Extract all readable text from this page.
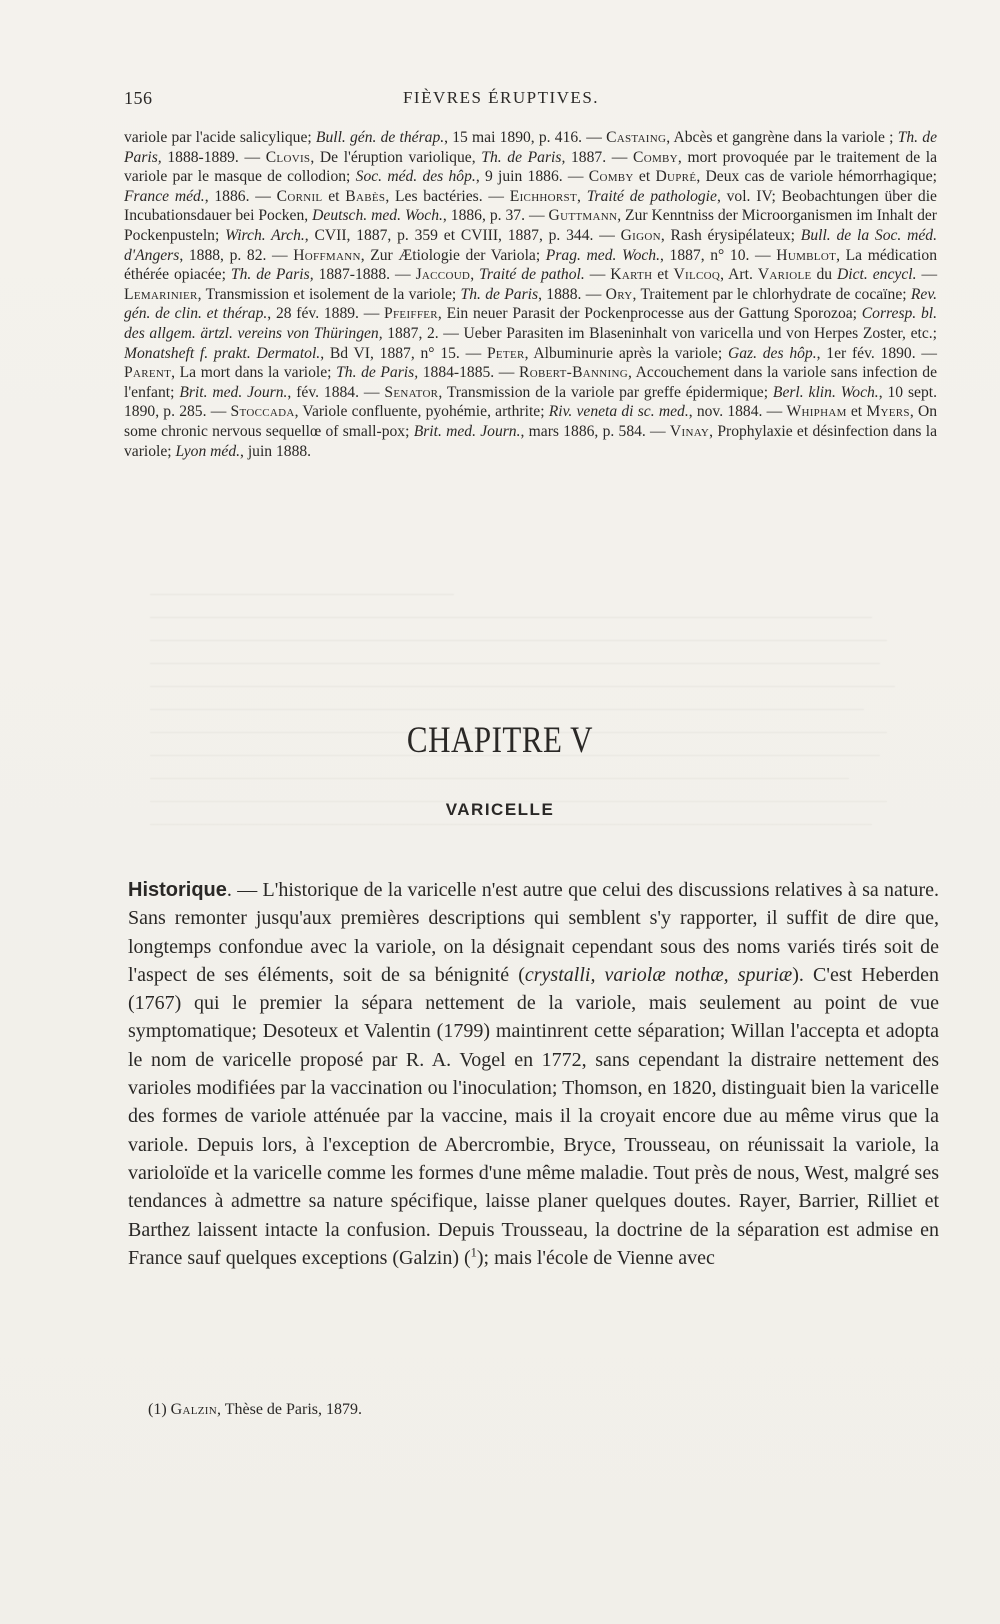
156	FIÈVRES ÉRUPTIVES.
variole par l'acide salicylique; Bull. gén. de thérap., 15 mai 1890, p. 416. — Castaing, Abcès et gangrène dans la variole ; Th. de Paris, 1888-1889. — Clovis, De l'éruption variolique, Th. de Paris, 1887. — Comby, mort provoquée par le traitement de la variole par le masque de collodion; Soc. méd. des hôp., 9 juin 1886. — Comby et Dupré, Deux cas de variole hémorrhagique; France méd., 1886. — Cornil et Babès, Les bactéries. — Eichhorst, Traité de pathologie, vol. IV; Beobachtungen über die Incubationsdauer bei Pocken, Deutsch. med. Woch., 1886, p. 37. — Guttmann, Zur Kenntniss der Microorganismen im Inhalt der Pockenpusteln; Wirch. Arch., CVII, 1887, p. 359 et CVIII, 1887, p. 344. — Gigon, Rash érysipélateux; Bull. de la Soc. méd. d'Angers, 1888, p. 82. — Hoffmann, Zur Ætiologie der Variola; Prag. med. Woch., 1887, n° 10. — Humblot, La médication éthérée opiacée; Th. de Paris, 1887-1888. — Jaccoud, Traité de pathol. — Karth et Vilcoq, Art. Variole du Dict. encycl. — Lemarinier, Transmission et isolement de la variole; Th. de Paris, 1888. — Ory, Traitement par le chlorhydrate de cocaïne; Rev. gén. de clin. et thérap., 28 fév. 1889. — Pfeiffer, Ein neuer Parasit der Pockenprocesse aus der Gattung Sporozoa; Corresp. bl. des allgem. ärtzl. vereins von Thüringen, 1887, 2. — Ueber Parasiten im Blaseninhalt von varicella und von Herpes Zoster, etc.; Monatsheft f. prakt. Dermatol., Bd VI, 1887, n° 15. — Peter, Albuminurie après la variole; Gaz. des hôp., 1er fév. 1890. — Parent, La mort dans la variole; Th. de Paris, 1884-1885. — Robert-Banning, Accouchement dans la variole sans infection de l'enfant; Brit. med. Journ., fév. 1884. — Senator, Transmission de la variole par greffe épidermique; Berl. klin. Woch., 10 sept. 1890, p. 285. — Stoccada, Variole confluente, pyohémie, arthrite; Riv. veneta di sc. med., nov. 1884. — Whipham et Myers, On some chronic nervous sequellœ of small-pox; Brit. med. Journ., mars 1886, p. 584. — Vinay, Prophylaxie et désinfection dans la variole; Lyon méd., juin 1888.
CHAPITRE V
VARICELLE
Historique. — L'historique de la varicelle n'est autre que celui des discussions relatives à sa nature. Sans remonter jusqu'aux premières descriptions qui semblent s'y rapporter, il suffit de dire que, longtemps confondue avec la variole, on la désignait cependant sous des noms variés tirés soit de l'aspect de ses éléments, soit de sa bénignité (crystalli, variolæ nothæ, spuriæ). C'est Heberden (1767) qui le premier la sépara nettement de la variole, mais seulement au point de vue symptomatique; Desoteux et Valentin (1799) maintinrent cette séparation; Willan l'accepta et adopta le nom de varicelle proposé par R. A. Vogel en 1772, sans cependant la distraire nettement des varioles modifiées par la vaccination ou l'inoculation; Thomson, en 1820, distinguait bien la varicelle des formes de variole atténuée par la vaccine, mais il la croyait encore due au même virus que la variole. Depuis lors, à l'exception de Abercrombie, Bryce, Trousseau, on réunissait la variole, la varioloïde et la varicelle comme les formes d'une même maladie. Tout près de nous, West, malgré ses tendances à admettre sa nature spécifique, laisse planer quelques doutes. Rayer, Barrier, Rilliet et Barthez laissent intacte la confusion. Depuis Trousseau, la doctrine de la séparation est admise en France sauf quelques exceptions (Galzin) ($^1$); mais l'école de Vienne avec
(1) Galzin, Thèse de Paris, 1879.
